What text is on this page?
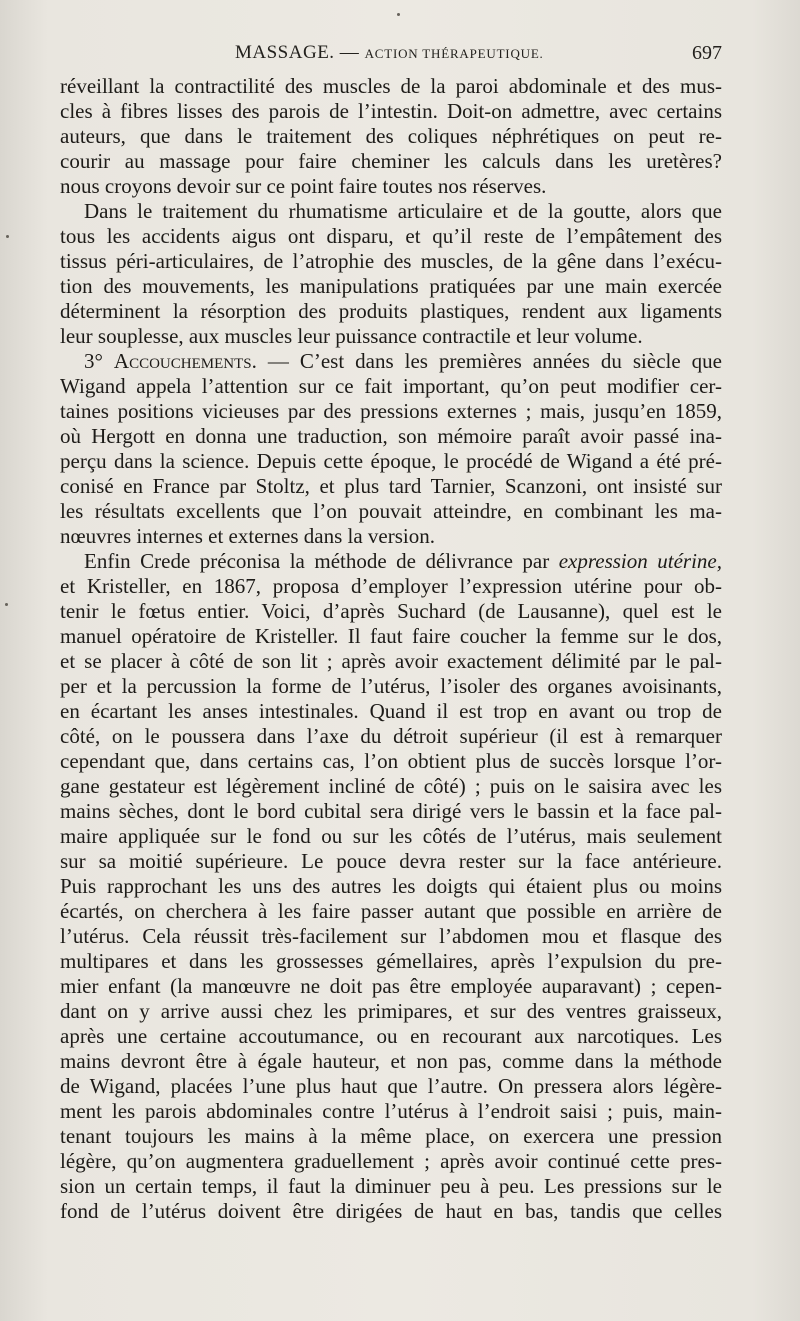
MASSAGE. — ACTION THÉRAPEUTIQUE.	697
réveillant la contractilité des muscles de la paroi abdominale et des mus-
cles à fibres lisses des parois de l’intestin. Doit-on admettre, avec certains
auteurs, que dans le traitement des coliques néphrétiques on peut re-
courir au massage pour faire cheminer les calculs dans les uretères?
nous croyons devoir sur ce point faire toutes nos réserves.
Dans le traitement du rhumatisme articulaire et de la goutte, alors que
tous les accidents aigus ont disparu, et qu’il reste de l’empâtement des
tissus péri-articulaires, de l’atrophie des muscles, de la gêne dans l’exécu-
tion des mouvements, les manipulations pratiquées par une main exercée
déterminent la résorption des produits plastiques, rendent aux ligaments
leur souplesse, aux muscles leur puissance contractile et leur volume.
3° Accouchements. — C’est dans les premières années du siècle que
Wigand appela l’attention sur ce fait important, qu’on peut modifier cer-
taines positions vicieuses par des pressions externes ; mais, jusqu’en 1859,
où Hergott en donna une traduction, son mémoire paraît avoir passé ina-
perçu dans la science. Depuis cette époque, le procédé de Wigand a été pré-
conisé en France par Stoltz, et plus tard Tarnier, Scanzoni, ont insisté sur
les résultats excellents que l’on pouvait atteindre, en combinant les ma-
nœuvres internes et externes dans la version.
Enfin Crede préconisa la méthode de délivrance par expression utérine,
et Kristeller, en 1867, proposa d’employer l’expression utérine pour ob-
tenir le fœtus entier. Voici, d’après Suchard (de Lausanne), quel est le
manuel opératoire de Kristeller. Il faut faire coucher la femme sur le dos,
et se placer à côté de son lit ; après avoir exactement délimité par le pal-
per et la percussion la forme de l’utérus, l’isoler des organes avoisinants,
en écartant les anses intestinales. Quand il est trop en avant ou trop de
côté, on le poussera dans l’axe du détroit supérieur (il est à remarquer
cependant que, dans certains cas, l’on obtient plus de succès lorsque l’or-
gane gestateur est légèrement incliné de côté) ; puis on le saisira avec les
mains sèches, dont le bord cubital sera dirigé vers le bassin et la face pal-
maire appliquée sur le fond ou sur les côtés de l’utérus, mais seulement
sur sa moitié supérieure. Le pouce devra rester sur la face antérieure.
Puis rapprochant les uns des autres les doigts qui étaient plus ou moins
écartés, on cherchera à les faire passer autant que possible en arrière de
l’utérus. Cela réussit très-facilement sur l’abdomen mou et flasque des
multipares et dans les grossesses gémellaires, après l’expulsion du pre-
mier enfant (la manœuvre ne doit pas être employée auparavant) ; cepen-
dant on y arrive aussi chez les primipares, et sur des ventres graisseux,
après une certaine accoutumance, ou en recourant aux narcotiques. Les
mains devront être à égale hauteur, et non pas, comme dans la méthode
de Wigand, placées l’une plus haut que l’autre. On pressera alors légère-
ment les parois abdominales contre l’utérus à l’endroit saisi ; puis, main-
tenant toujours les mains à la même place, on exercera une pression
légère, qu’on augmentera graduellement ; après avoir continué cette pres-
sion un certain temps, il faut la diminuer peu à peu. Les pressions sur le
fond de l’utérus doivent être dirigées de haut en bas, tandis que celles
